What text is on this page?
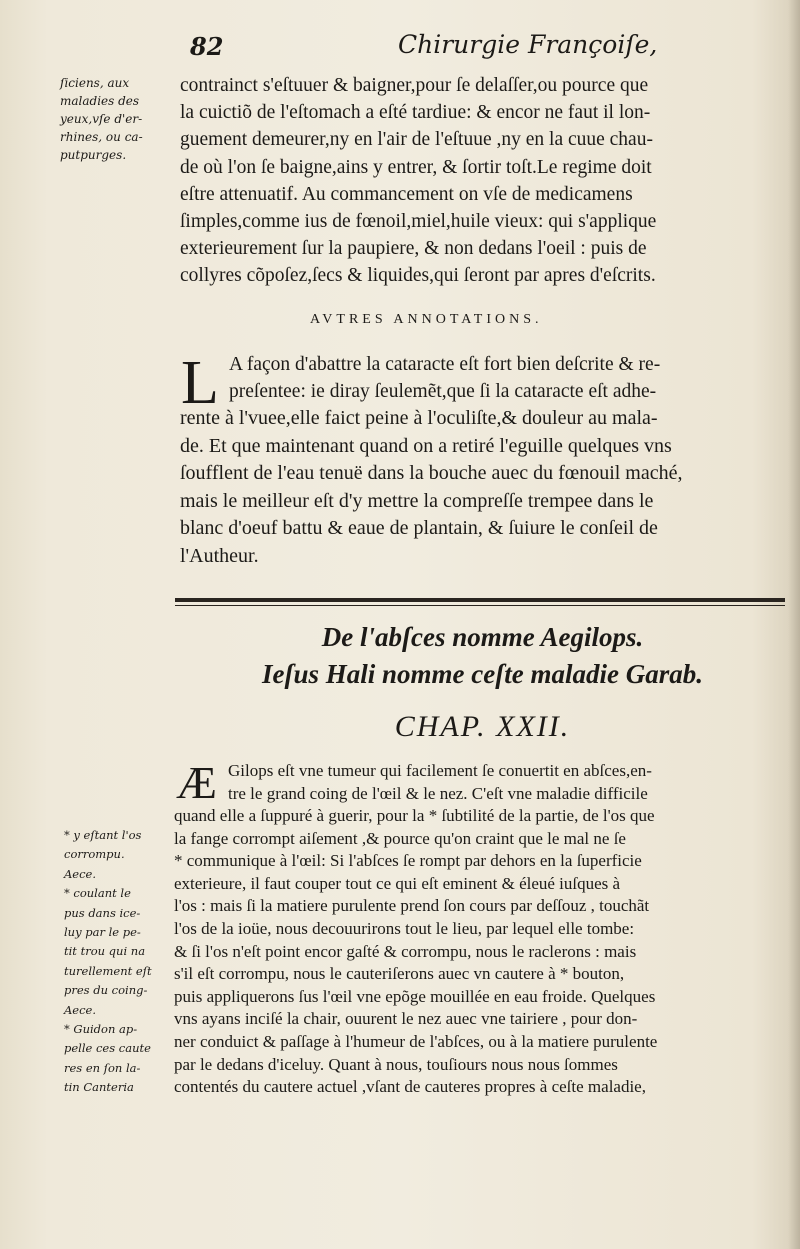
82	Chirurgie Françoiſe,
ſiciens, aux
maladies des
yeux,vſe d'er-
rhines, ou ca-
putpurges.
contrainct s'eſtuuer & baigner,pour ſe delaſſer,ou pource que
la cuictiõ de l'eſtomach a eſté tardiue: & encor ne faut il lon-
guement demeurer,ny en l'air de l'eſtuue ,ny en la cuue chau-
de où l'on ſe baigne,ains y entrer, & ſortir toſt.Le regime doit
eſtre attenuatif. Au commancement on vſe de medicamens
ſimples,comme ius de fœnoil,miel,huile vieux: qui s'applique
exterieurement ſur la paupiere, & non dedans l'oeil : puis de
collyres cõpoſez,ſecs & liquides,qui ſeront par apres d'eſcrits.
AVTRES ANNOTATIONS.
L A façon d'abattre la cataracte eſt fort bien deſcrite & re-
preſentee: ie diray ſeulemẽt,que ſi la cataracte eſt adhe-
rente à l'vuee,elle faict peine à l'oculiſte,& douleur au mala-
de. Et que maintenant quand on a retiré l'eguille quelques vns
ſoufflent de l'eau tenuë dans la bouche auec du fœnouil maché,
mais le meilleur eſt d'y mettre la compreſſe trempee dans le
blanc d'oeuf battu & eaue de plantain, & ſuiure le conſeil de
l'Autheur.
De l'abſces nomme Aegilops.
Ieſus Hali nomme ceſte maladie Garab.
CHAP. XXII.
Æ Gilops eſt vne tumeur qui facilement ſe conuertit en abſces,en-
tre le grand coing de l'œil & le nez. C'eſt vne maladie difficile
quand elle a ſuppuré à guerir, pour la * ſubtilité de la partie, de l'os que
la fange corrompt aiſement ,& pource qu'on craint que le mal ne ſe
* communique à l'œil: Si l'abſces ſe rompt par dehors en la ſuperficie
exterieure, il faut couper tout ce qui eſt eminent & éleué iuſques à
l'os : mais ſi la matiere purulente prend ſon cours par deſſouz , touchãt
l'os de la ioüe, nous decouurirons tout le lieu, par lequel elle tombe:
& ſi l'os n'eſt point encor gaſté & corrompu, nous le raclerons : mais
s'il eſt corrompu, nous le cauteriſerons auec vn cautere à * bouton,
puis appliquerons ſus l'œil vne epõge mouillée en eau froide. Quelques
vns ayans inciſé la chair, ouurent le nez auec vne tairiere , pour don-
ner conduict & paſſage à l'humeur de l'abſces, ou à la matiere purulente
par le dedans d'iceluy. Quant à nous, touſiours nous nous ſommes
contentés du cautere actuel ,vſant de cauteres propres à ceſte maladie,
* y eſtant l'os
corrompu.
Aece.
* coulant le
pus dans ice-
luy par le pe-
tit trou qui na
turellement eſt
pres du coing-
Aece.
* Guidon ap-
pelle ces caute
res en ſon la-
tin Canteria
